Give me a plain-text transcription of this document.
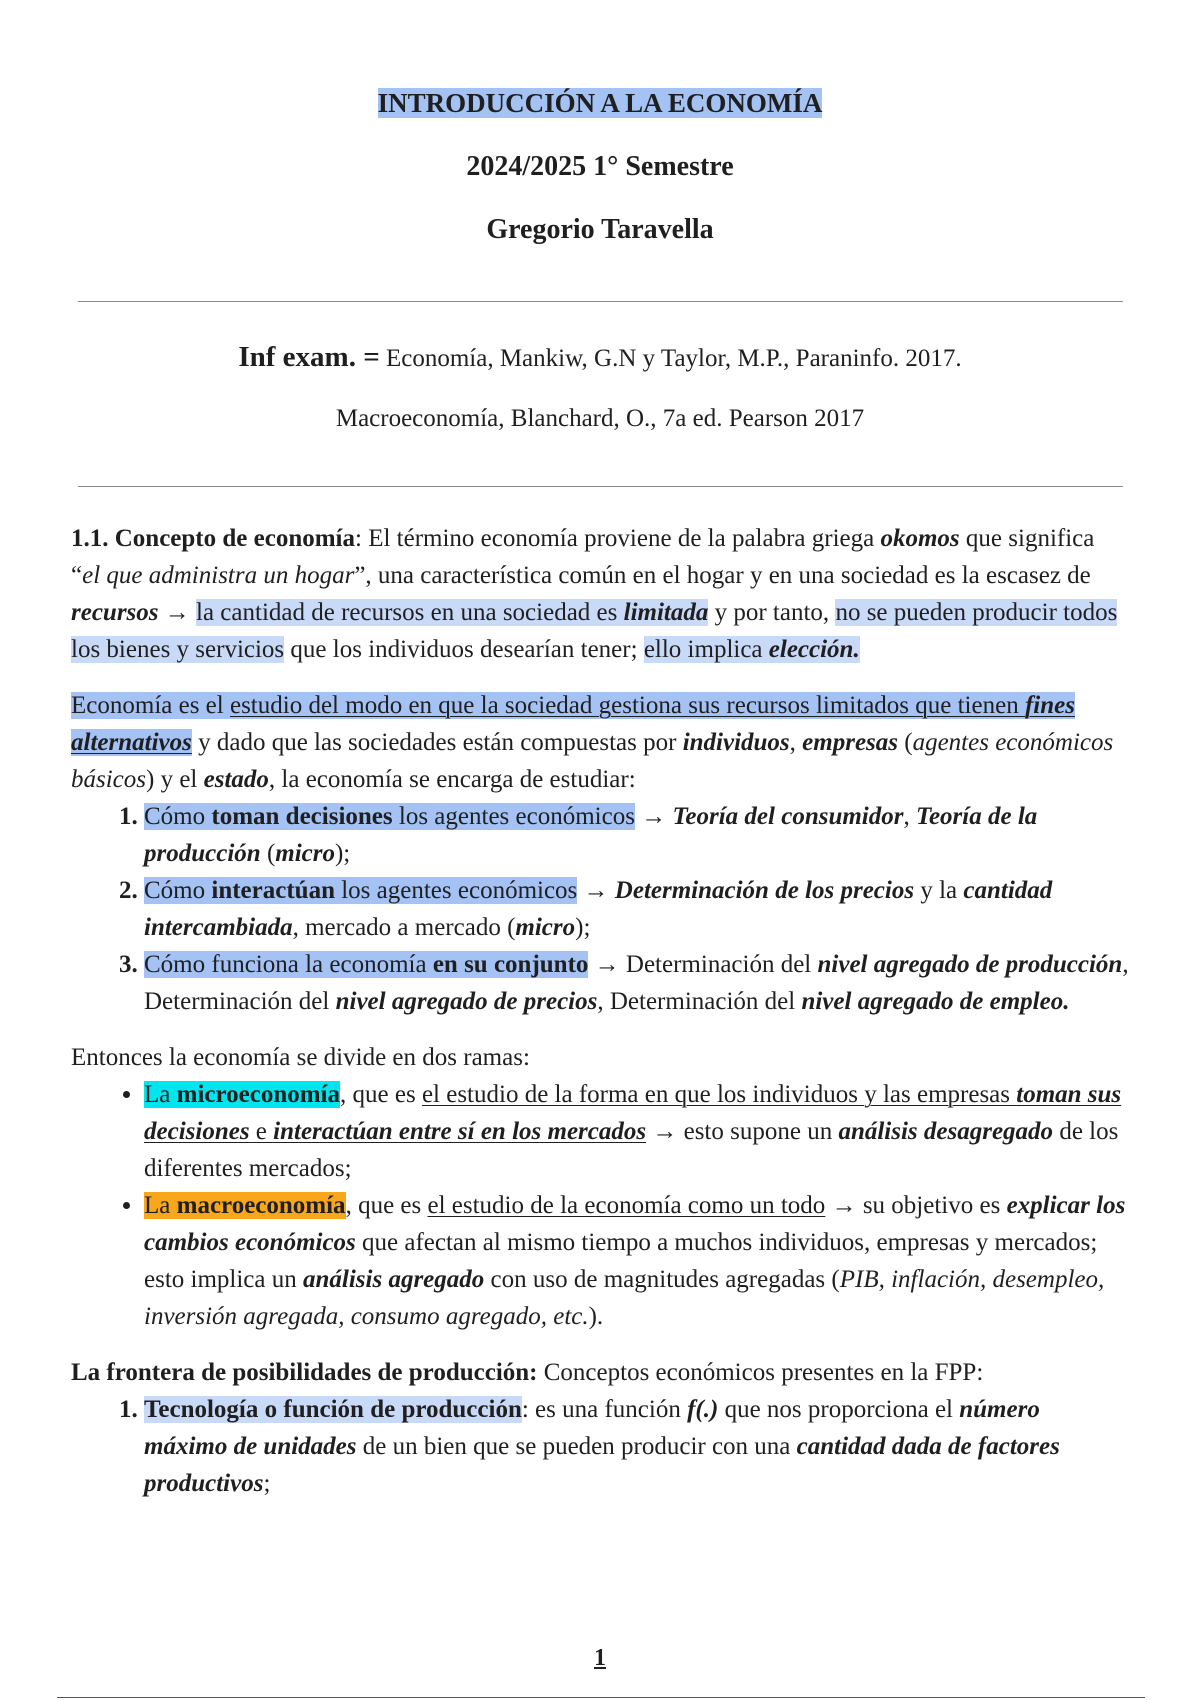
INTRODUCCIÓN A LA ECONOMÍA
2024/2025 1° Semestre
Gregorio Taravella
Inf exam. = Economía, Mankiw, G.N y Taylor, M.P., Paraninfo. 2017.
Macroeconomía, Blanchard, O., 7a ed. Pearson 2017

1.1. Concepto de economía: El término economía proviene de la palabra griega okomos que significa “el que administra un hogar”, una característica común en el hogar y en una sociedad es la escasez de recursos → la cantidad de recursos en una sociedad es limitada y por tanto, no se pueden producir todos los bienes y servicios que los individuos desearían tener; ello implica elección.

Economía es el estudio del modo en que la sociedad gestiona sus recursos limitados que tienen fines alternativos y dado que las sociedades están compuestas por individuos, empresas (agentes económicos básicos) y el estado, la economía se encarga de estudiar:

1. Cómo toman decisiones los agentes económicos → Teoría del consumidor, Teoría de la producción (micro);
2. Cómo interactúan los agentes económicos → Determinación de los precios y la cantidad intercambiada, mercado a mercado (micro);
3. Cómo funciona la economía en su conjunto → Determinación del nivel agregado de producción, Determinación del nivel agregado de precios, Determinación del nivel agregado de empleo.

Entonces la economía se divide en dos ramas:

• La microeconomía, que es el estudio de la forma en que los individuos y las empresas toman sus decisiones e interactúan entre sí en los mercados → esto supone un análisis desagregado de los diferentes mercados;
• La macroeconomía, que es el estudio de la economía como un todo → su objetivo es explicar los cambios económicos que afectan al mismo tiempo a muchos individuos, empresas y mercados; esto implica un análisis agregado con uso de magnitudes agregadas (PIB, inflación, desempleo, inversión agregada, consumo agregado, etc.).

La frontera de posibilidades de producción: Conceptos económicos presentes en la FPP:

1. Tecnología o función de producción: es una función f(.) que nos proporciona el número máximo de unidades de un bien que se pueden producir con una cantidad dada de factores productivos;
1
